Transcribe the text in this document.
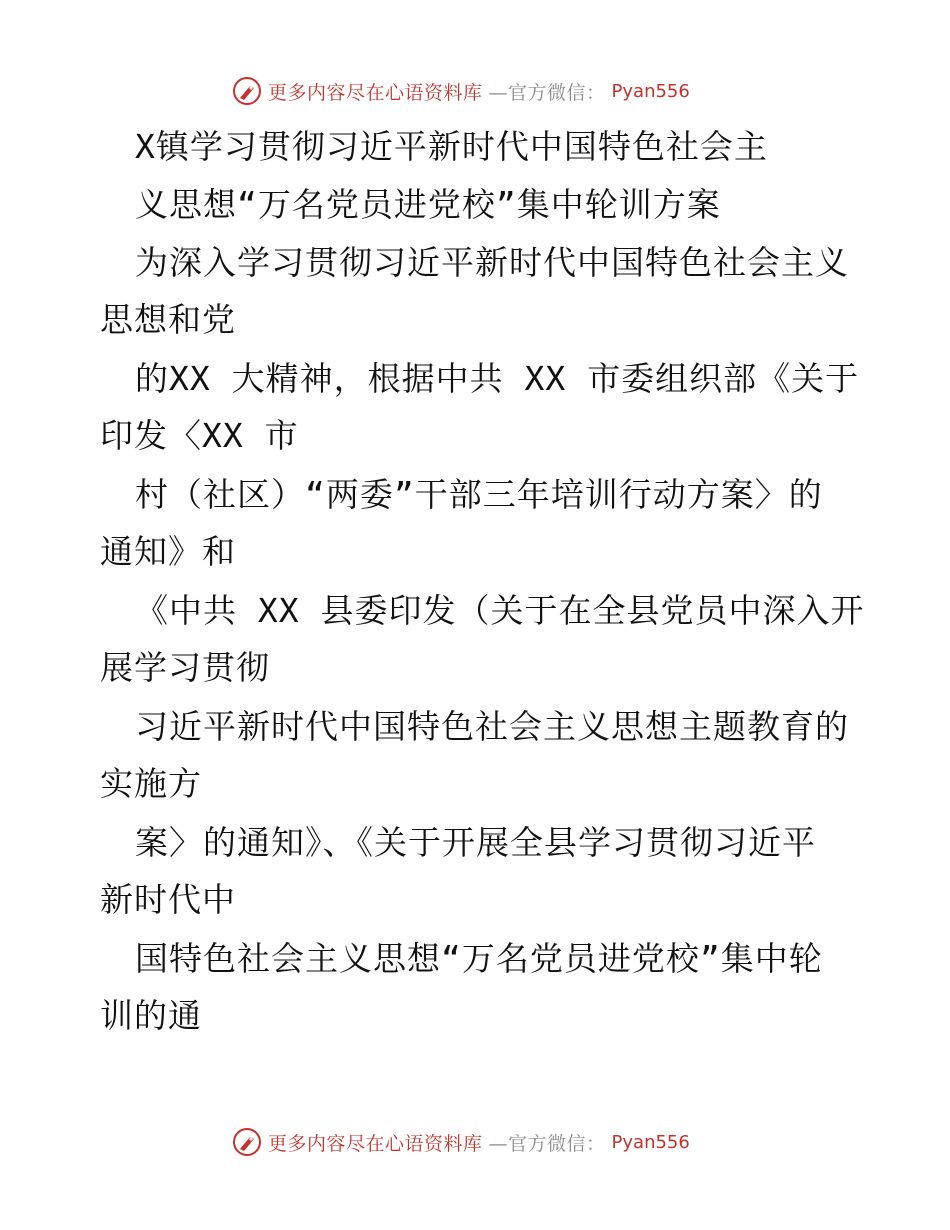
更多内容尽在心语资料库 —官方微信： Pyan556
X镇学习贯彻习近平新时代中国特色社会主
义思想“万名党员进党校”集中轮训方案
为深入学习贯彻习近平新时代中国特色社会主义
思想和党
的XX 大精神，根据中共 XX 市委组织部《关于
印发〈XX 市
村（社区）“两委”干部三年培训行动方案〉的
通知》和
《中共 XX 县委印发（关于在全县党员中深入开
展学习贯彻
习近平新时代中国特色社会主义思想主题教育的
实施方
案〉的通知》、《关于开展全县学习贯彻习近平
新时代中
国特色社会主义思想“万名党员进党校”集中轮
训的通
更多内容尽在心语资料库 —官方微信： Pyan556
